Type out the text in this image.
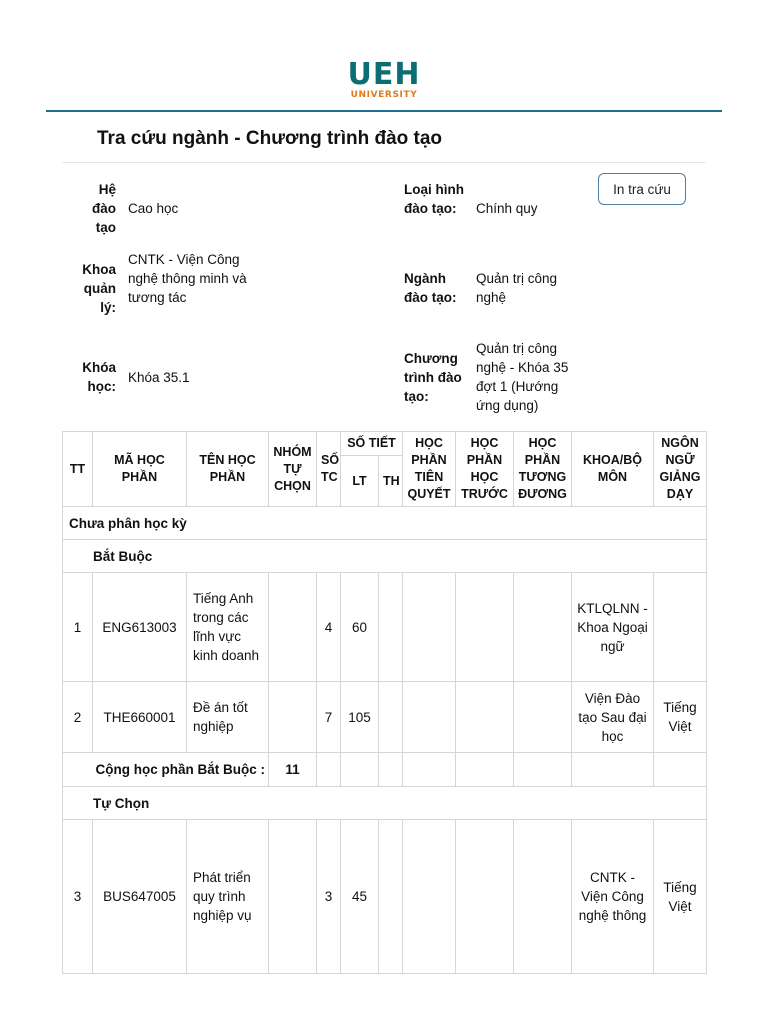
UEH
UNIVERSITY
Tra cứu ngành - Chương trình đào tạo
Hệ đào tạo
Cao học
Loại hình đào tạo:	Chính quy
In tra cứu
Khoa quản lý:
CNTK - Viện Công nghệ thông minh và tương tác
Ngành đào tạo:
Quản trị công nghệ
Khóa học:
Khóa 35.1
Chương trình đào tạo:
Quản trị công nghệ - Khóa 35 đợt 1 (Hướng ứng dụng)
TT	MÃ HỌC PHẦN	TÊN HỌC PHẦN	NHÓM TỰ CHỌN	SỐ TC	SỐ TIẾT		HỌC PHẦN TIÊN QUYẾT	HỌC PHẦN HỌC TRƯỚC	HỌC PHẦN TƯƠNG ĐƯƠNG	KHOA/BỘ MÔN	NGÔN NGỮ GIẢNG DẠY
					LT	TH					
Chưa phân học kỳ											
Bắt Buộc											
1	ENG613003	Tiếng Anh trong các lĩnh vực kinh doanh		4	60					KTLQLNN - Khoa Ngoại ngữ	
2	THE660001	Đề án tốt nghiệp		7	105					Viện Đào tạo Sau đại học	Tiếng Việt
Cộng học phần Bắt Buộc :			11								
Tự Chọn											
3	BUS647005	Phát triển quy trình nghiệp vụ		3	45					CNTK - Viện Công nghệ thông	Tiếng Việt
